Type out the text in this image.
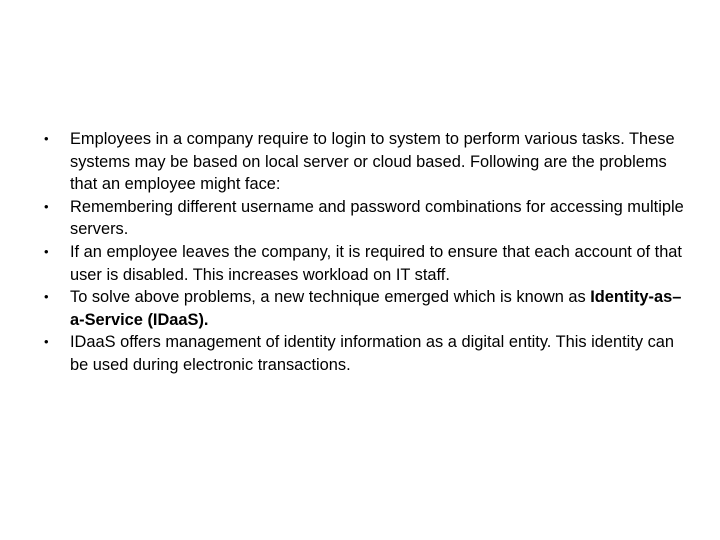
•	Employees in a company require to login to system to perform various tasks. These systems may be based on local server or cloud based. Following are the problems that an employee might face:
•	Remembering different username and password combinations for accessing multiple servers.
•	If an employee leaves the company, it is required to ensure that each account of that user is disabled. This increases workload on IT staff.
•	To solve above problems, a new technique emerged which is known as Identity-as–a-Service (IDaaS).
•	IDaaS offers management of identity information as a digital entity. This identity can be used during electronic transactions.
